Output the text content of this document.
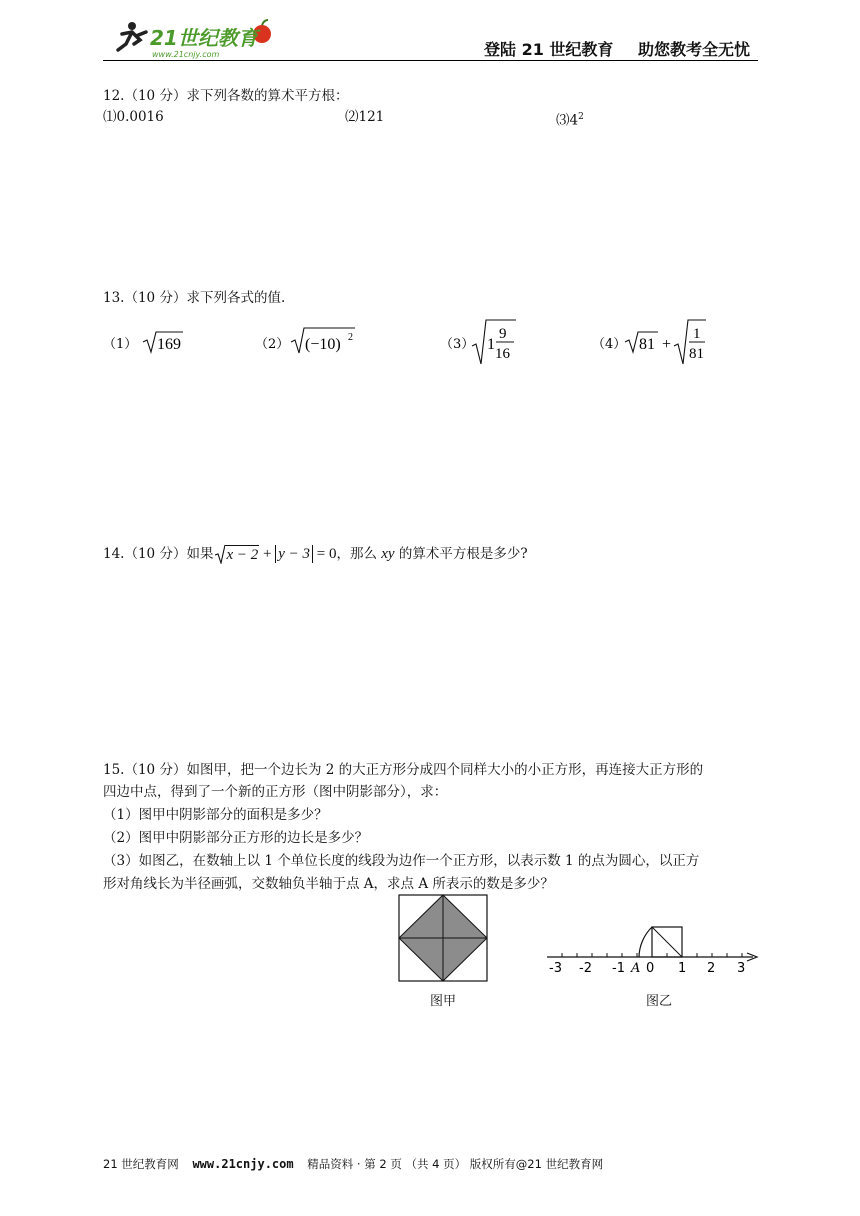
21世纪教育
www.21cnjy.com	登陆 21 世纪教育 助您教考全无忧
12.（10 分）求下列各数的算术平方根：
⑴0.0016	⑵121	$⑶4^2$
13.（10 分）求下列各式的值.
（1） 169	（2） (−10) 2	（3） 1
9
16
（4） 81 +
1
81
14.（10 分）如果 x − 2 + y − 3 = 0 ，那么 xy 的算术平方根是多少?
15.（10 分）如图甲，把一个边长为 2 的大正方形分成四个同样大小的小正方形，再连接大正方形的
四边中点，得到了一个新的正方形（图中阴影部分），求：
（1）图甲中阴影部分的面积是多少？
（2）图甲中阴影部分正方形的边长是多少？
（3）如图乙，在数轴上以 1 个单位长度的线段为边作一个正方形，以表示数 1 的点为圆心，以正方
形对角线长为半径画弧，交数轴负半轴于点 A，求点 A 所表示的数是多少？
图甲
-3 -2 -1 A 0 1 2 3
图乙
21 世纪教育网 www.21cnjy.com 精品资料 · 第 2 页 （共 4 页） 版权所有@21 世纪教育网
